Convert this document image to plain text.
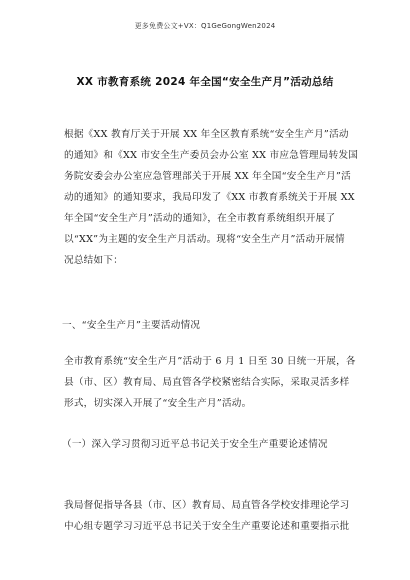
更多免费公文+VX：Q1GeGongWen2024
XX 市教育系统 2024 年全国“安全生产月”活动总结
根据《XX 教育厅关于开展 XX 年全区教育系统“安全生产月”活动
的通知》和《XX 市安全生产委员会办公室 XX 市应急管理局转发国
务院安委会办公室应急管理部关于开展 XX 年全国“安全生产月”活
动的通知》的通知要求，我局印发了《XX 市教育系统关于开展 XX
年全国“安全生产月”活动的通知》，在全市教育系统组织开展了
以“XX”为主题的安全生产月活动。现将“安全生产月”活动开展情
况总结如下：
一、“安全生产月”主要活动情况
全市教育系统“安全生产月”活动于 6 月 1 日至 30 日统一开展，各
县（市、区）教育局、局直管各学校紧密结合实际，采取灵活多样
形式，切实深入开展了“安全生产月”活动。
（一）深入学习贯彻习近平总书记关于安全生产重要论述情况
我局督促指导各县（市、区）教育局、局直管各学校安排理论学习
中心组专题学习习近平总书记关于安全生产重要论述和重要指示批
